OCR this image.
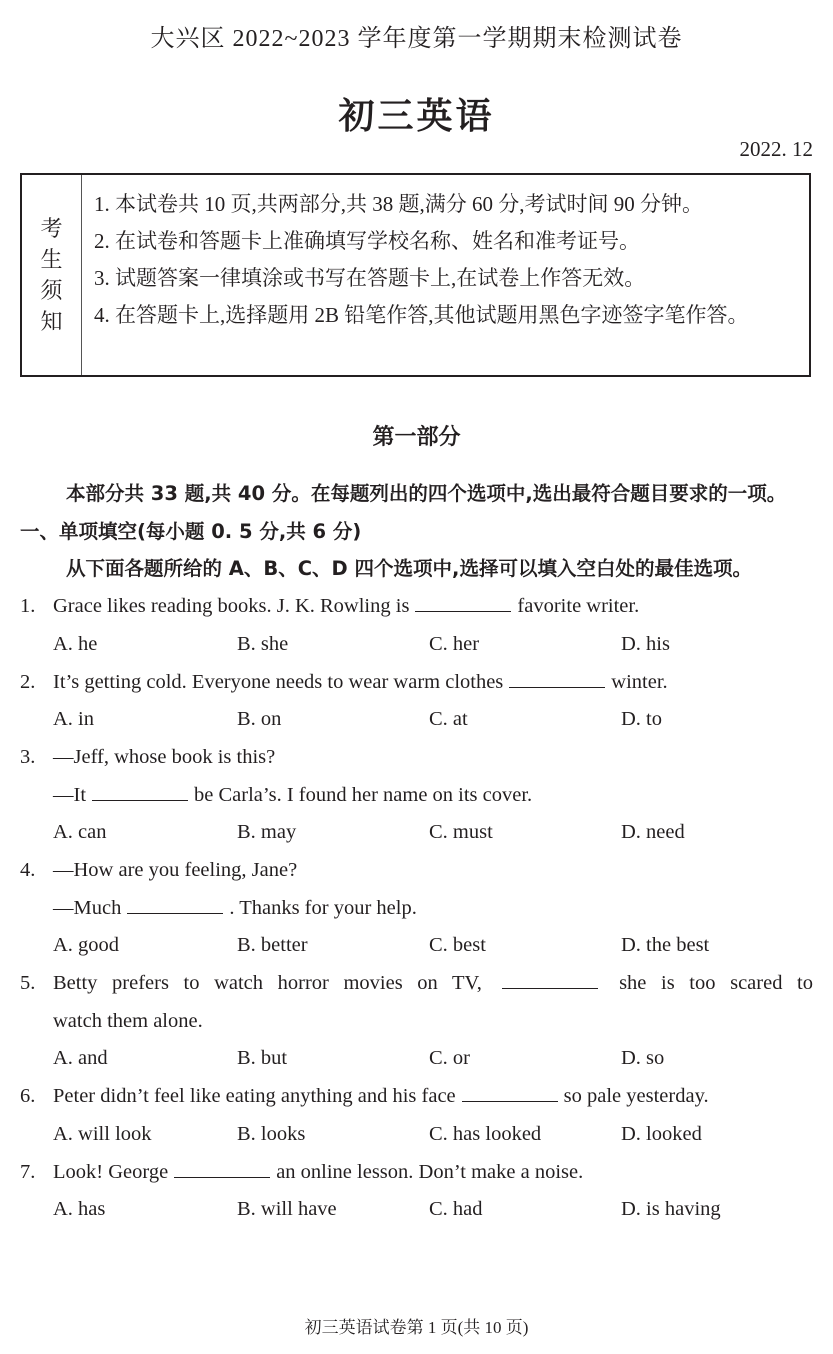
大兴区 2022~2023 学年度第一学期期末检测试卷
初三英语
2022. 12
考
生
须
知
1. 本试卷共 10 页,共两部分,共 38 题,满分 60 分,考试时间 90 分钟。
2. 在试卷和答题卡上准确填写学校名称、姓名和准考证号。
3. 试题答案一律填涂或书写在答题卡上,在试卷上作答无效。
4. 在答题卡上,选择题用 2B 铅笔作答,其他试题用黑色字迹签字笔作答。
第一部分
本部分共 33 题,共 40 分。在每题列出的四个选项中,选出最符合题目要求的一项。
一、单项填空(每小题 0. 5 分,共 6 分)
从下面各题所给的 A、B、C、D 四个选项中,选择可以填入空白处的最佳选项。
1. Grace likes reading books. J. K. Rowling is	favorite writer.
A. he	B. she	C. her	D. his
2. It’s getting cold. Everyone needs to wear warm clothes	winter.
A. in	B. on	C. at	D. to
3. —Jeff, whose book is this?
—It	be Carla’s. I found her name on its cover.
A. can	B. may	C. must	D. need
4. —How are you feeling, Jane?
—Much	. Thanks for your help.
A. good	B. better	C. best	D. the best
5. Betty prefers to watch horror movies on TV,	she is too scared to
watch them alone.
A. and	B. but	C. or	D. so
6. Peter didn’t feel like eating anything and his face	so pale yesterday.
A. will look	B. looks	C. has looked	D. looked
7. Look! George	an online lesson. Don’t make a noise.
A. has	B. will have	C. had	D. is having
初三英语试卷第 1 页(共 10 页)
